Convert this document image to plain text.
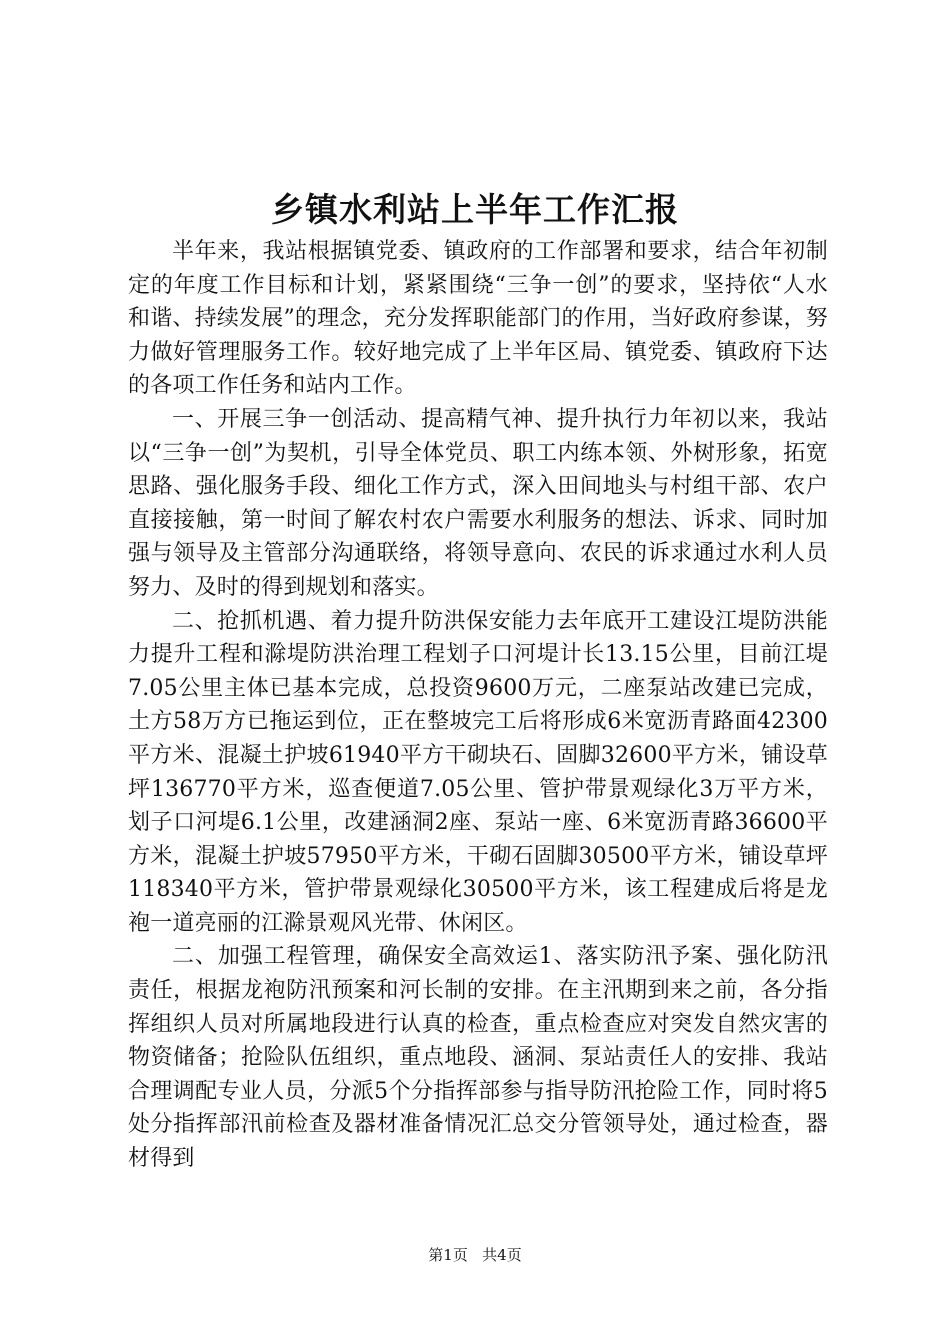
乡镇水利站上半年工作汇报

半年来，我站根据镇党委、镇政府的工作部署和要求，结合年初制定的年度工作目标和计划，紧紧围绕“三争一创”的要求，坚持依“人水和谐、持续发展”的理念，充分发挥职能部门的作用，当好政府参谋，努力做好管理服务工作。较好地完成了上半年区局、镇党委、镇政府下达的各项工作任务和站内工作。

一、开展三争一创活动、提高精气神、提升执行力年初以来，我站以“三争一创”为契机，引导全体党员、职工内练本领、外树形象，拓宽思路、强化服务手段、细化工作方式，深入田间地头与村组干部、农户直接接触，第一时间了解农村农户需要水利服务的想法、诉求、同时加强与领导及主管部分沟通联络，将领导意向、农民的诉求通过水利人员努力、及时的得到规划和落实。

二、抢抓机遇、着力提升防洪保安能力去年底开工建设江堤防洪能力提升工程和滁堤防洪治理工程划子口河堤计长13.15公里，目前江堤7.05公里主体已基本完成，总投资9600万元，二座泵站改建已完成，土方58万方已拖运到位，正在整坡完工后将形成6米宽沥青路面42300平方米、混凝土护坡61940平方干砌块石、固脚32600平方米，铺设草坪136770平方米，巡查便道7.05公里、管护带景观绿化3万平方米，划子口河堤6.1公里，改建涵洞2座、泵站一座、6米宽沥青路36600平方米，混凝土护坡57950平方米，干砌石固脚30500平方米，铺设草坪118340平方米，管护带景观绿化30500平方米，该工程建成后将是龙袍一道亮丽的江滁景观风光带、休闲区。

二、加强工程管理，确保安全高效运1、落实防汛予案、强化防汛责任，根据龙袍防汛预案和河长制的安排。在主汛期到来之前，各分指挥组织人员对所属地段进行认真的检查，重点检查应对突发自然灾害的物资储备；抢险队伍组织，重点地段、涵洞、泵站责任人的安排、我站合理调配专业人员，分派5个分指挥部参与指导防汛抢险工作，同时将5处分指挥部汛前检查及器材准备情况汇总交分管领导处，通过检查，器材得到

第1页 共4页
